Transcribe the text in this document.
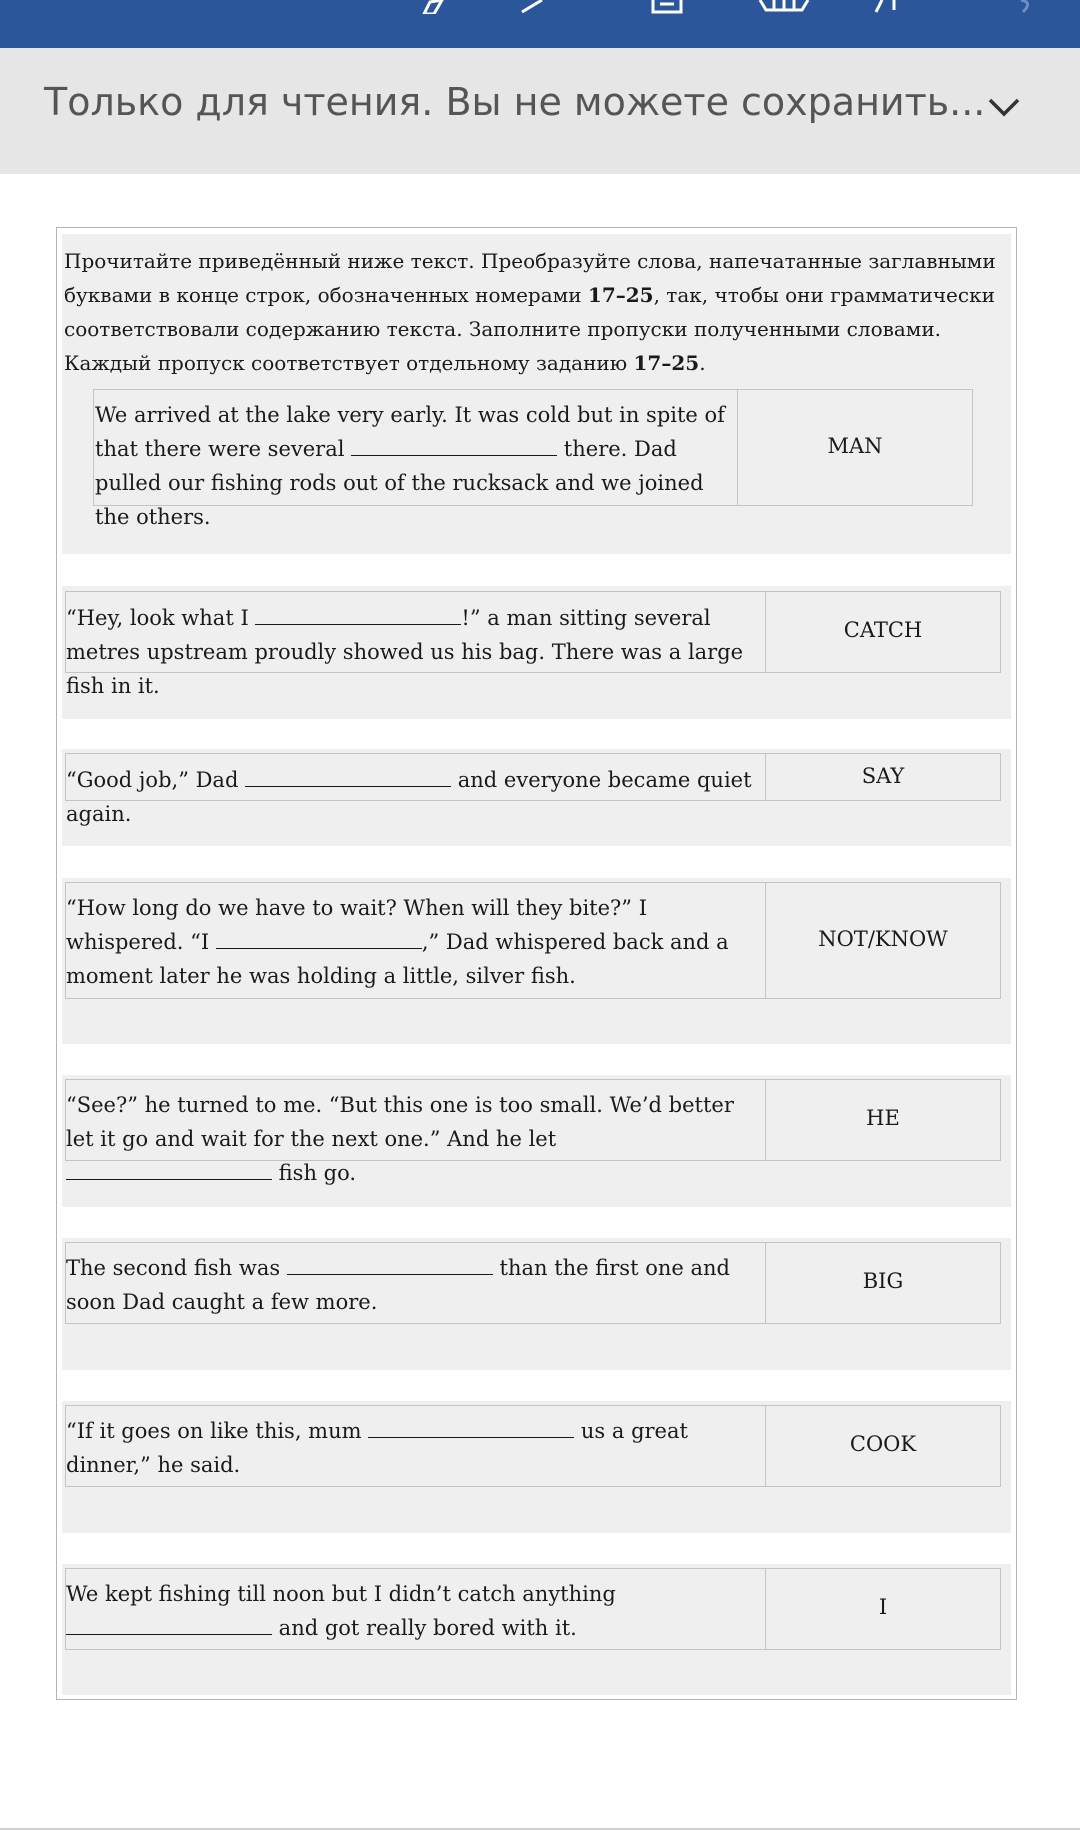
Только для чтения. Вы не можете сохранить...
Прочитайте приведённый ниже текст. Преобразуйте слова, напечатанные заглавными буквами в конце строк, обозначенных номерами 17–25, так, чтобы они грамматически соответствовали содержанию текста. Заполните пропуски полученными словами. Каждый пропуск соответствует отдельному заданию 17–25.
We arrived at the lake very early. It was cold but in spite of that there were several	there. Dad pulled our fishing rods out of the rucksack and we joined the others.
MAN
“Hey, look what I	!” a man sitting several metres upstream proudly showed us his bag. There was a large fish in it.
CATCH
“Good job,” Dad	and everyone became quiet again.
SAY
“How long do we have to wait? When will they bite?” I whispered. “I	,” Dad whispered back and a moment later he was holding a little, silver fish.
NOT/KNOW
“See?” he turned to me. “But this one is too small. We’d better let it go and wait for the next one.” And he let  fish go.
HE
The second fish was	than the first one and soon Dad caught a few more.
BIG
“If it goes on like this, mum	us a great dinner,” he said.
COOK
We kept fishing till noon but I didn’t catch anything  and got really bored with it.
I
